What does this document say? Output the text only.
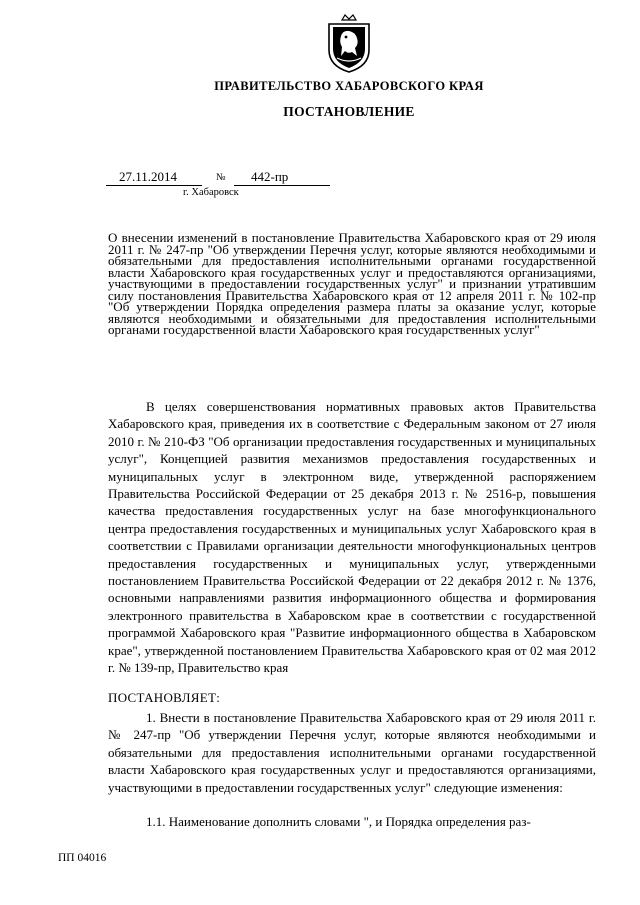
ПРАВИТЕЛЬСТВО ХАБАРОВСКОГО КРАЯ
ПОСТАНОВЛЕНИЕ
27.11.2014	№ 442-пр
г. Хабаровск
О внесении изменений в постановление Правительства Хабаровского края от 29 июля 2011 г. № 247-пр "Об утверждении Перечня услуг, которые являются необходимыми и обязательными для предоставления исполнительными органами государственной власти Хабаровского края государственных услуг и предоставляются организациями, участвующими в предоставлении государственных услуг" и признании утратившим силу постановления Правительства Хабаровского края от 12 апреля 2011 г. № 102-пр "Об утверждении Порядка определения размера платы за оказание услуг, которые являются необходимыми и обязательными для предоставления исполнительными органами государственной власти Хабаровского края государственных услуг"
В целях совершенствования нормативных правовых актов Правительства Хабаровского края, приведения их в соответствие с Федеральным законом от 27 июля 2010 г. № 210-ФЗ "Об организации предоставления государственных и муниципальных услуг", Концепцией развития механизмов предоставления государственных и муниципальных услуг в электронном виде, утвержденной распоряжением Правительства Российской Федерации от 25 декабря 2013 г. № 2516-р, повышения качества предоставления государственных услуг на базе многофункционального центра предоставления государственных и муниципальных услуг Хабаровского края в соответствии с Правилами организации деятельности многофункциональных центров предоставления государственных и муниципальных услуг, утвержденными постановлением Правительства Российской Федерации от 22 декабря 2012 г. № 1376, основными направлениями развития информационного общества и формирования электронного правительства в Хабаровском крае в соответствии с государственной программой Хабаровского края "Развитие информационного общества в Хабаровском крае", утвержденной постановлением Правительства Хабаровского края от 02 мая 2012 г. № 139-пр, Правительство края
ПОСТАНОВЛЯЕТ:
1. Внести в постановление Правительства Хабаровского края от 29 июля 2011 г. № 247-пр "Об утверждении Перечня услуг, которые являются необходимыми и обязательными для предоставления исполнительными органами государственной власти Хабаровского края государственных услуг и предоставляются организациями, участвующими в предоставлении государственных услуг" следующие изменения:
1.1. Наименование дополнить словами ", и Порядка определения раз-
ПП 04016
